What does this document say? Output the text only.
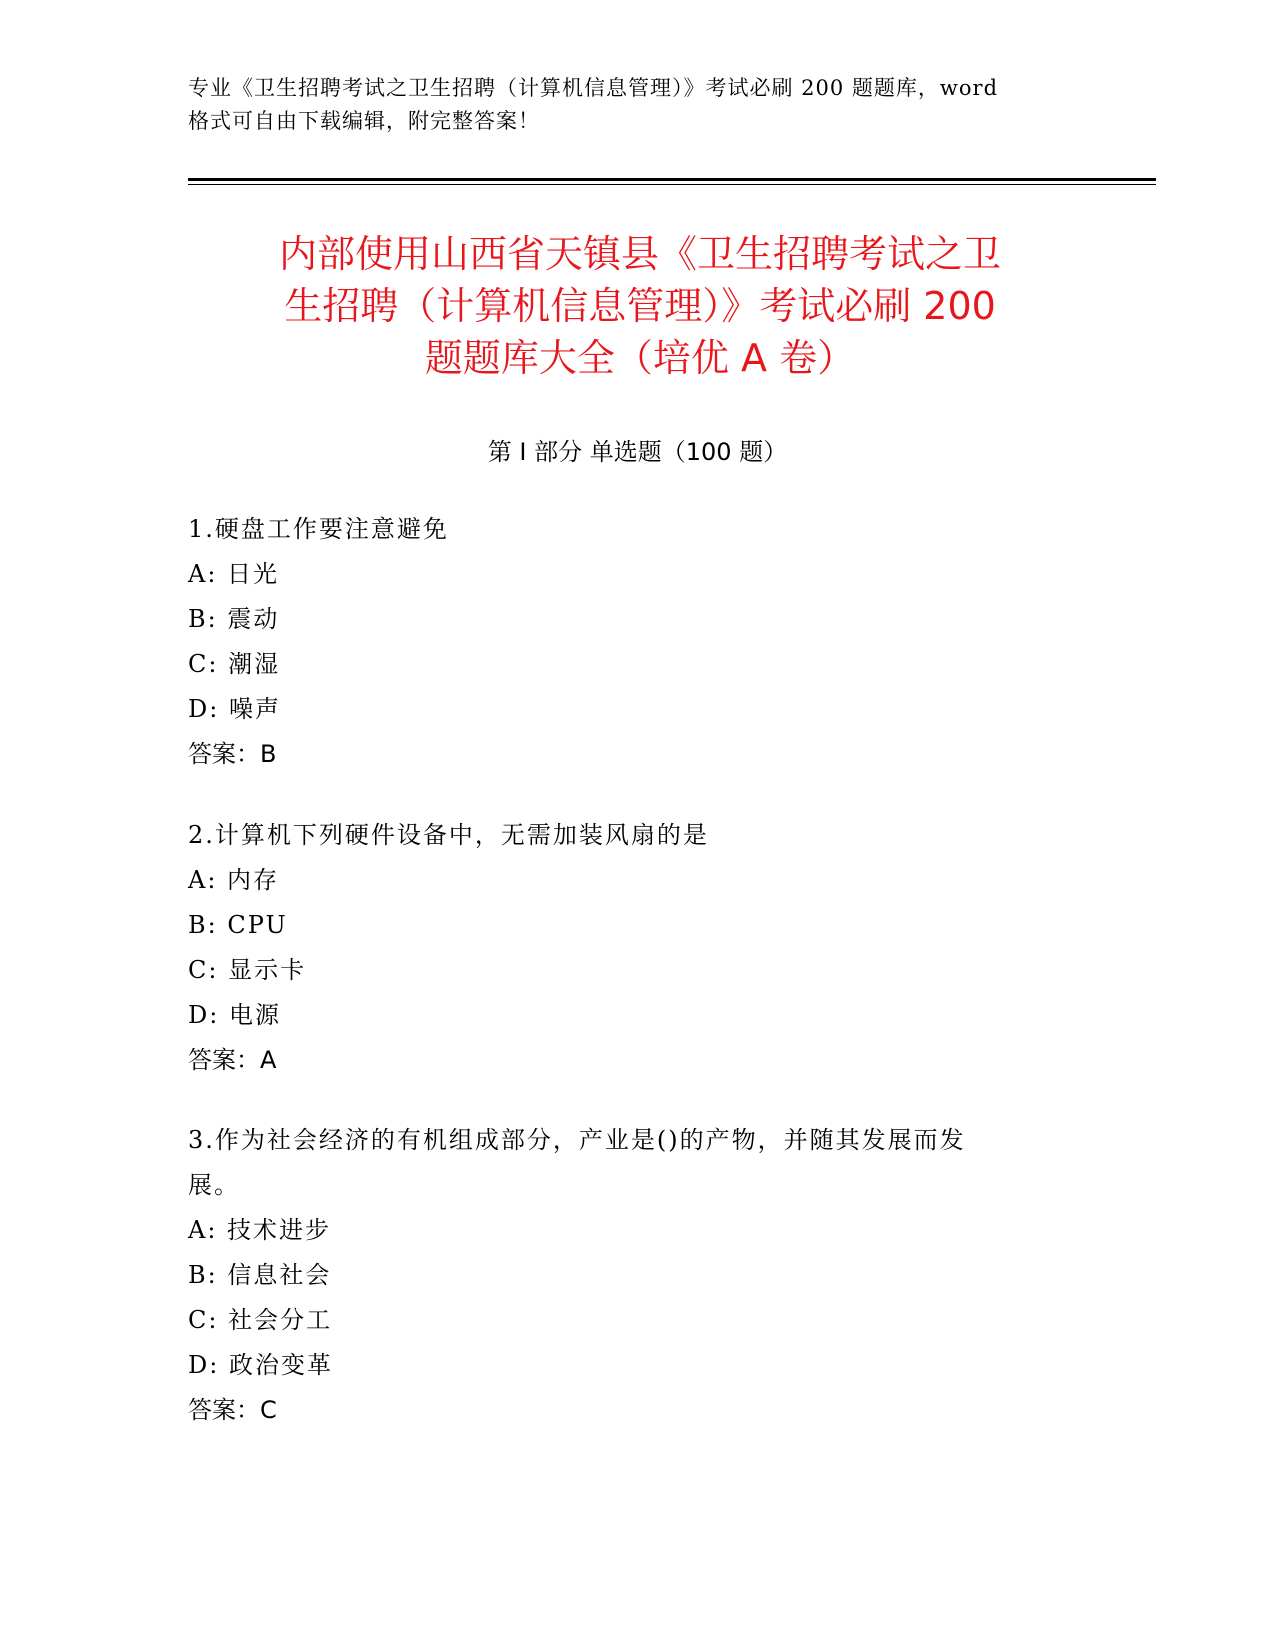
专业《卫生招聘考试之卫生招聘（计算机信息管理）》考试必刷 200 题题库，word
格式可自由下载编辑，附完整答案！
内部使用山西省天镇县《卫生招聘考试之卫
生招聘（计算机信息管理）》考试必刷 200
题题库大全（培优 A 卷）
第 I 部分 单选题（100 题）
1.硬盘工作要注意避免
A: 日光
B: 震动
C: 潮湿
D: 噪声
答案：B
2.计算机下列硬件设备中，无需加装风扇的是
A: 内存
B: CPU
C: 显示卡
D: 电源
答案：A
3.作为社会经济的有机组成部分，产业是()的产物，并随其发展而发
展。
A: 技术进步
B: 信息社会
C: 社会分工
D: 政治变革
答案：C
